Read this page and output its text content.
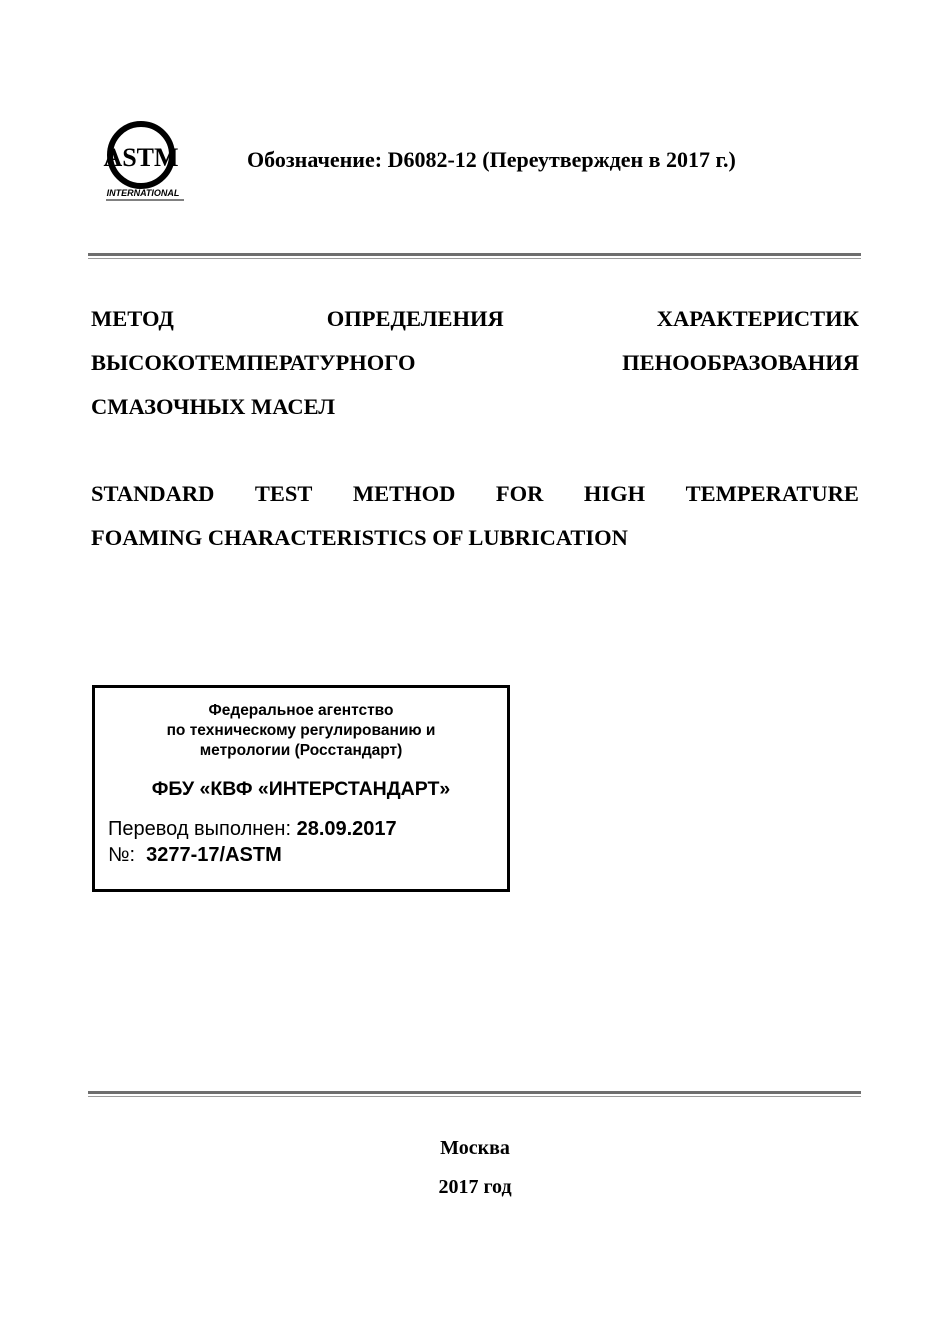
ASTM
INTERNATIONAL
Обозначение: D6082-12 (Переутвержден в 2017 г.)
МЕТОД	ОПРЕДЕЛЕНИЯ	ХАРАКТЕРИСТИК
ВЫСОКОТЕМПЕРАТУРНОГО	ПЕНООБРАЗОВАНИЯ
СМАЗОЧНЫХ МАСЕЛ
STANDARD TEST METHOD FOR HIGH TEMPERATURE
FOAMING CHARACTERISTICS OF LUBRICATION
Федеральное агентство
по техническому регулированию и
метрологии (Росстандарт)
ФБУ «КВФ «ИНТЕРСТАНДАРТ»
Перевод выполнен: 28.09.2017
№: 3277-17/ASTM
Москва
2017 год
